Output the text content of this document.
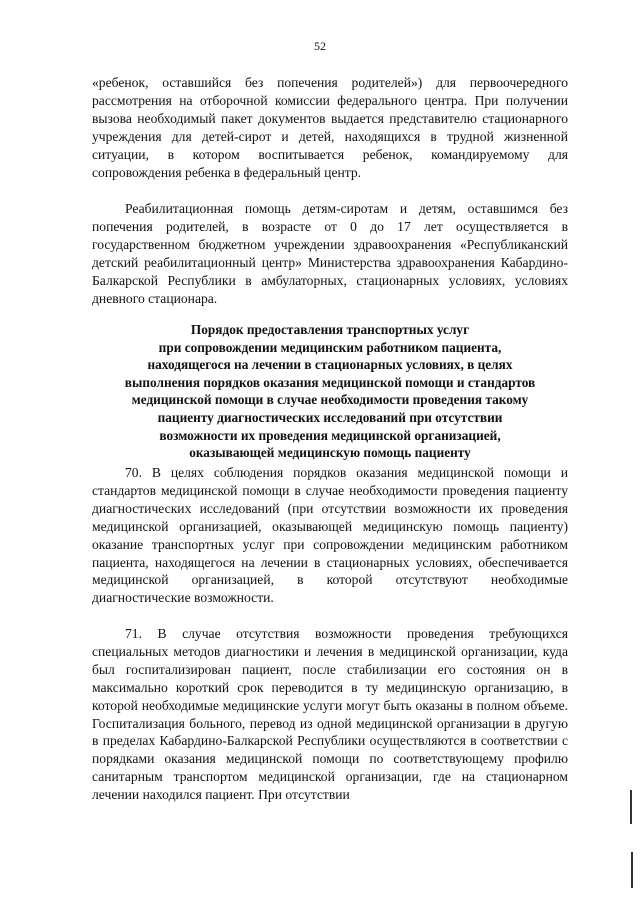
52

«ребенок, оставшийся без попечения родителей») для первоочередного рассмотрения на отборочной комиссии федерального центра. При получении вызова необходимый пакет документов выдается представителю стационарного учреждения для детей-сирот и детей, находящихся в трудной жизненной ситуации, в котором воспитывается ребенок, командируемому для сопровождения ребенка в федеральный центр.

Реабилитационная помощь детям-сиротам и детям, оставшимся без попечения родителей, в возрасте от 0 до 17 лет осуществляется в государственном бюджетном учреждении здравоохранения «Республиканский детский реабилитационный центр» Министерства здравоохранения Кабардино-Балкарской Республики в амбулаторных, стационарных условиях, условиях дневного стационара.

Порядок предоставления транспортных услуг
при сопровождении медицинским работником пациента,
находящегося на лечении в стационарных условиях, в целях
выполнения порядков оказания медицинской помощи и стандартов
медицинской помощи в случае необходимости проведения такому
пациенту диагностических исследований при отсутствии
возможности их проведения медицинской организацией,
оказывающей медицинскую помощь пациенту

70. В целях соблюдения порядков оказания медицинской помощи и стандартов медицинской помощи в случае необходимости проведения пациенту диагностических исследований (при отсутствии возможности их проведения медицинской организацией, оказывающей медицинскую помощь пациенту) оказание транспортных услуг при сопровождении медицинским работником пациента, находящегося на лечении в стационарных условиях, обеспечивается медицинской организацией, в которой отсутствуют необходимые диагностические возможности.

71. В случае отсутствия возможности проведения требующихся специальных методов диагностики и лечения в медицинской организации, куда был госпитализирован пациент, после стабилизации его состояния он в максимально короткий срок переводится в ту медицинскую организацию, в которой необходимые медицинские услуги могут быть оказаны в полном объеме. Госпитализация больного, перевод из одной медицинской организации в другую в пределах Кабардино-Балкарской Республики осуществляются в соответствии с порядками оказания медицинской помощи по соответствующему профилю санитарным транспортом медицинской организации, где на стационарном лечении находился пациент. При отсутствии
